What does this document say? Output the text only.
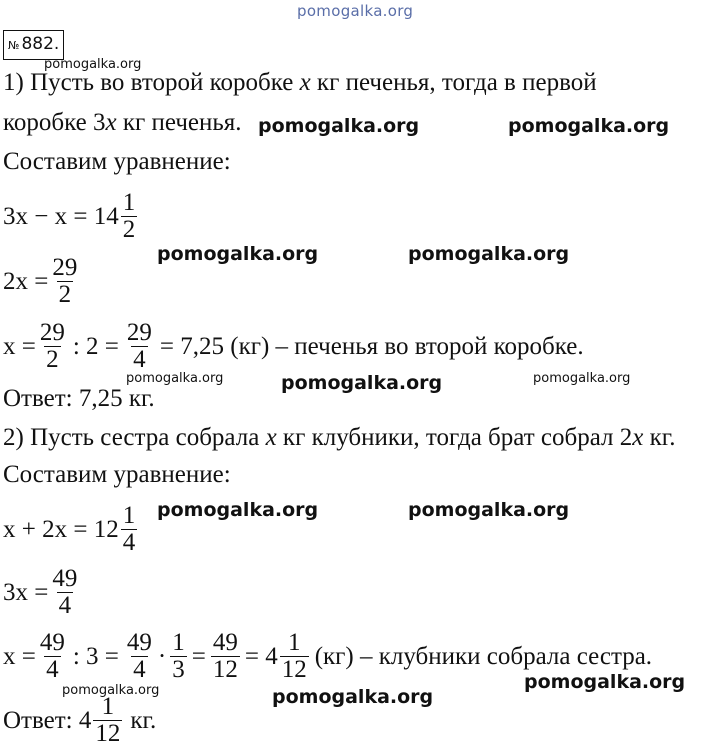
pomogalka.org
pomogalka.org
pomogalka.org	pomogalka.org
pomogalka.org	pomogalka.org
pomogalka.org	pomogalka.org	pomogalka.org
pomogalka.org	pomogalka.org
pomogalka.org	pomogalka.org
pomogalka.org
№ 882.
1) Пусть во второй коробке x кг печенья, тогда в первой
коробке 3x кг печенья.
Составим уравнение:
$3x - x = 14 \frac{1}{2}$
$2x = \frac{29}{2}$
$x = \frac{29}{2}$ : $2 = \frac{29}{4} = 7,25$ (кг) – печенья во второй коробке.
Ответ: 7,25 кг.
2) Пусть сестра собрала x кг клубники, тогда брат собрал 2x кг.
Составим уравнение:
$x + 2x = 12 \frac{1}{4}$
$3x = \frac{49}{4}$
$x = \frac{49}{4}$ : $3 = \frac{49}{4} \cdot \frac{1}{3} = \frac{49}{12} = 4 \frac{1}{12} (кг)$ – клубники собрала сестра.
Ответ: $4 \frac{1}{12}$ кг.
